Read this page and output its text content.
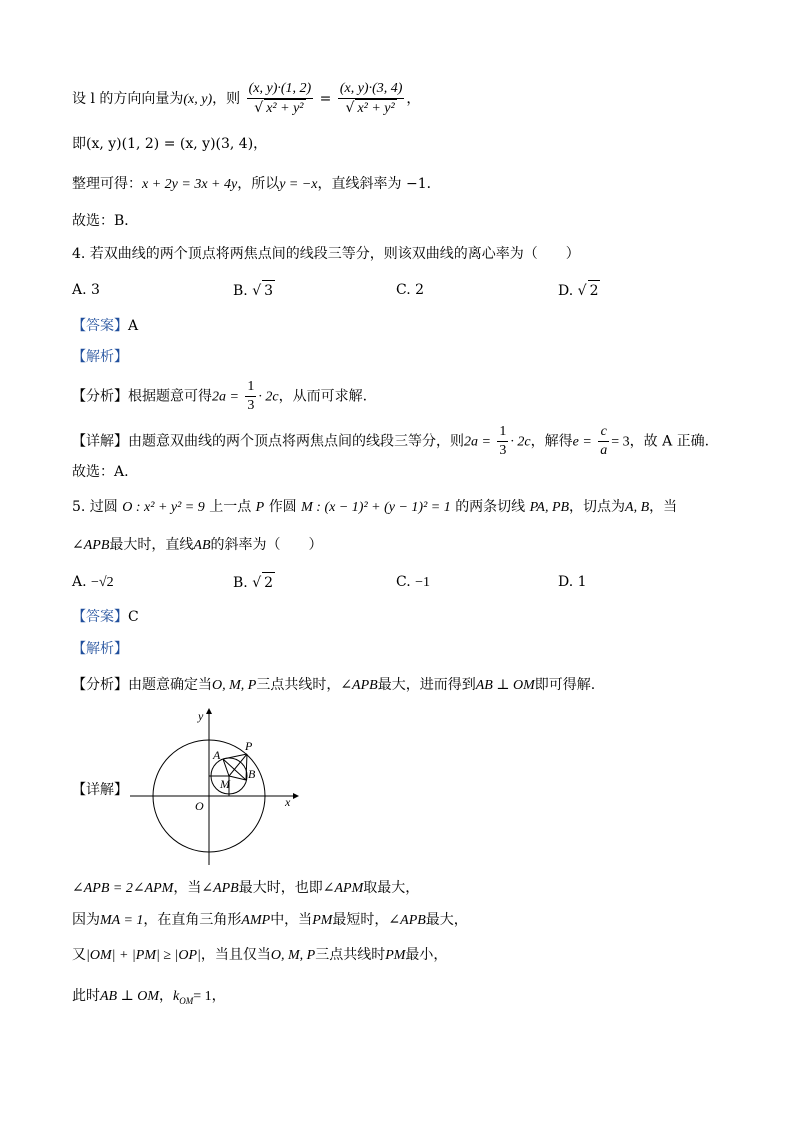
设 l 的方向向量为(x, y)，则 $\frac{(x, y)\cdot(1, 2)}{\text{√ x² + y²}} = \frac{(x, y)\cdot(3, 4)}{\text{√ x² + y²}}$ ，
即(x, y)(1, 2) = (x, y)(3, 4)，
整理可得：x + 2y = 3x + 4y，所以y = −x，直线斜率为 −1．
故选：B．
4. 若双曲线的两个顶点将两焦点间的线段三等分，则该双曲线的离心率为（　　）
A. 3	B. √ 3	C. 2	D. √ 2
【答案】A
【解析】
【分析】根据题意可得$2a = \frac{1}{3} \cdot 2c$，从而可求解.
【详解】由题意双曲线的两个顶点将两焦点间的线段三等分，则$2a = \frac{1}{3} \cdot 2c$，解得$e = \frac{c}{a} = 3$，故 A 正确.
故选：A.
5. 过圆 O : x² + y² = 9 上一点 P 作圆 M : (x − 1)² + (y − 1)² = 1 的两条切线 PA, PB，切点为A, B，当
∠APB最大时，直线AB的斜率为（　　）
A. −√2	B. √ 2	C. −1	D. 1
【答案】C
【解析】
【分析】由题意确定当O, M, P三点共线时，∠APB最大，进而得到AB ⊥ OM即可得解.
【详解】
x
y
O
A
P
B
M
∠APB = 2∠APM，当∠APB最大时，也即∠APM取最大，
因为MA = 1，在直角三角形AMP中，当PM最短时，∠APB最大，
又|OM| + |PM| ≥ |OP|，当且仅当O, M, P三点共线时PM最小，
此时AB ⊥ OM，$k_{OM}= 1$，
